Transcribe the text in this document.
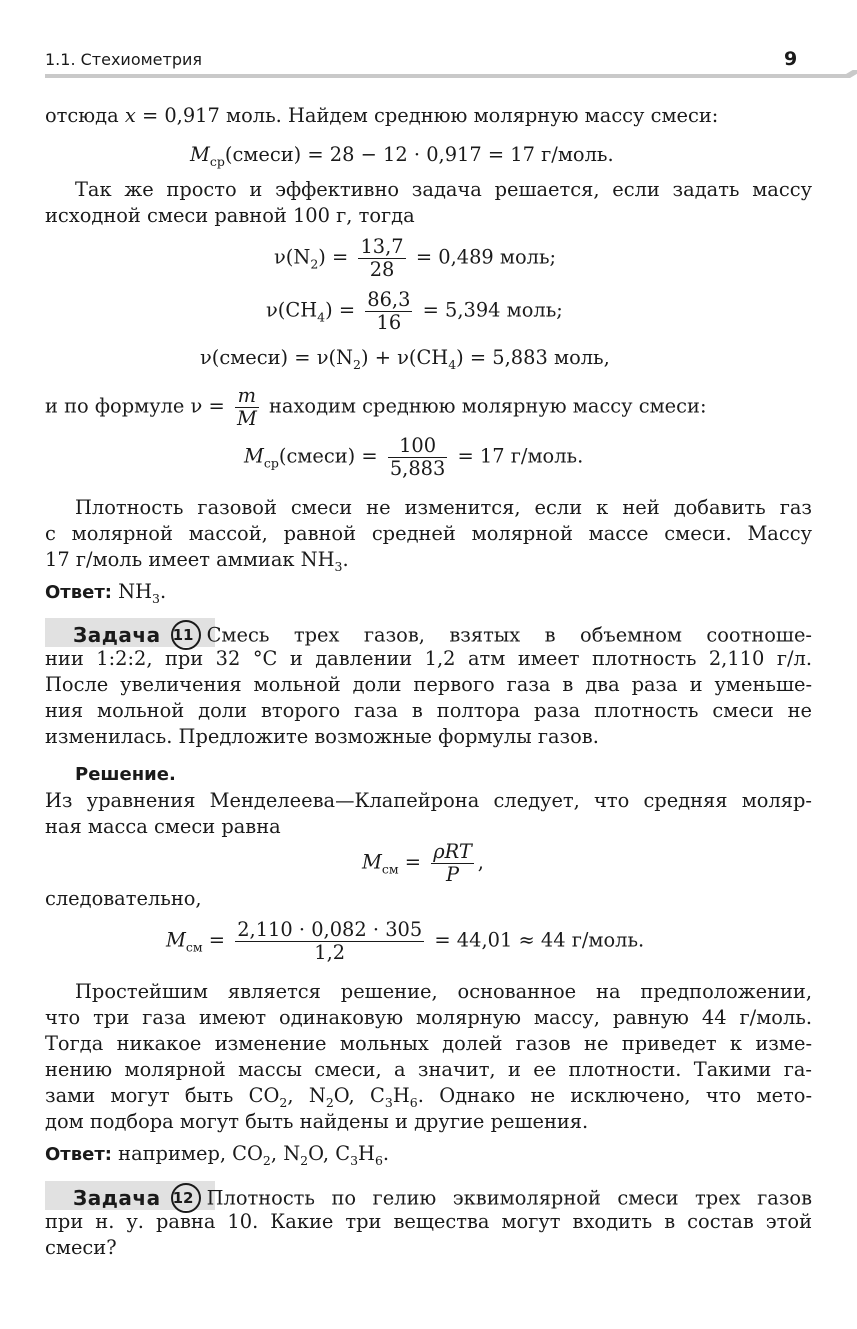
1.1. Стехиометрия	9
отсюда x = 0,917 моль. Найдем среднюю молярную массу смеси:
$M_{ср}(смеси) = 28 - 12 \cdot 0,917 = 17$ г/моль.
Так же просто и эффективно задача решается, если задать массу
исходной смеси равной 100 г, тогда
$\nu(N_2) = \frac{13,7}{28} = 0,489$ моль;
$\nu(CH_4) = \frac{86,3}{16} = 5,394$ моль;
ν(смеси) = $\nu(N_2) + \nu(CH_4) = 5,883$ моль,
и по формуле $\nu = \frac{m}{M}$ находим среднюю молярную массу смеси:
$M_{ср}(смеси) = \frac{100}{5,883} = 17$ г/моль.
Плотность газовой смеси не изменится, если к ней добавить газ
с молярной массой, равной средней молярной массе смеси. Массу
17 г/моль имеет аммиак $NH_3$.
Ответ: $NH_3$.
Задача 11 Смесь трех газов, взятых в объемном соотноше-
нии 1:2:2, при 32 °C и давлении 1,2 атм имеет плотность 2,110 г/л.
После увеличения мольной доли первого газа в два раза и уменьше-
ния мольной доли второго газа в полтора раза плотность смеси не
изменилась. Предложите возможные формулы газов.
Решение.
Из уравнения Менделеева—Клапейрона следует, что средняя моляр-
ная масса смеси равна
$M_{см} = \frac{\text{ρRT}}{P}$ ,
следовательно,
$M_{см} = \frac{2,110 \cdot 0,082 \cdot 305}{1,2} = 44,01 \approx 44$ г/моль.
Простейшим является решение, основанное на предположении,
что три газа имеют одинаковую молярную массу, равную 44 г/моль.
Тогда никакое изменение мольных долей газов не приведет к изме-
нению молярной массы смеси, а значит, и ее плотности. Такими га-
зами могут быть $CO_2$, $N_2O$, $C_3H_6$. Однако не исключено, что мето-
дом подбора могут быть найдены и другие решения.
Ответ: например, $CO_2$, $N_2O$, $C_3H_6$.
Задача 12 Плотность по гелию эквимолярной смеси трех газов
при н. у. равна 10. Какие три вещества могут входить в состав этой
смеси?
